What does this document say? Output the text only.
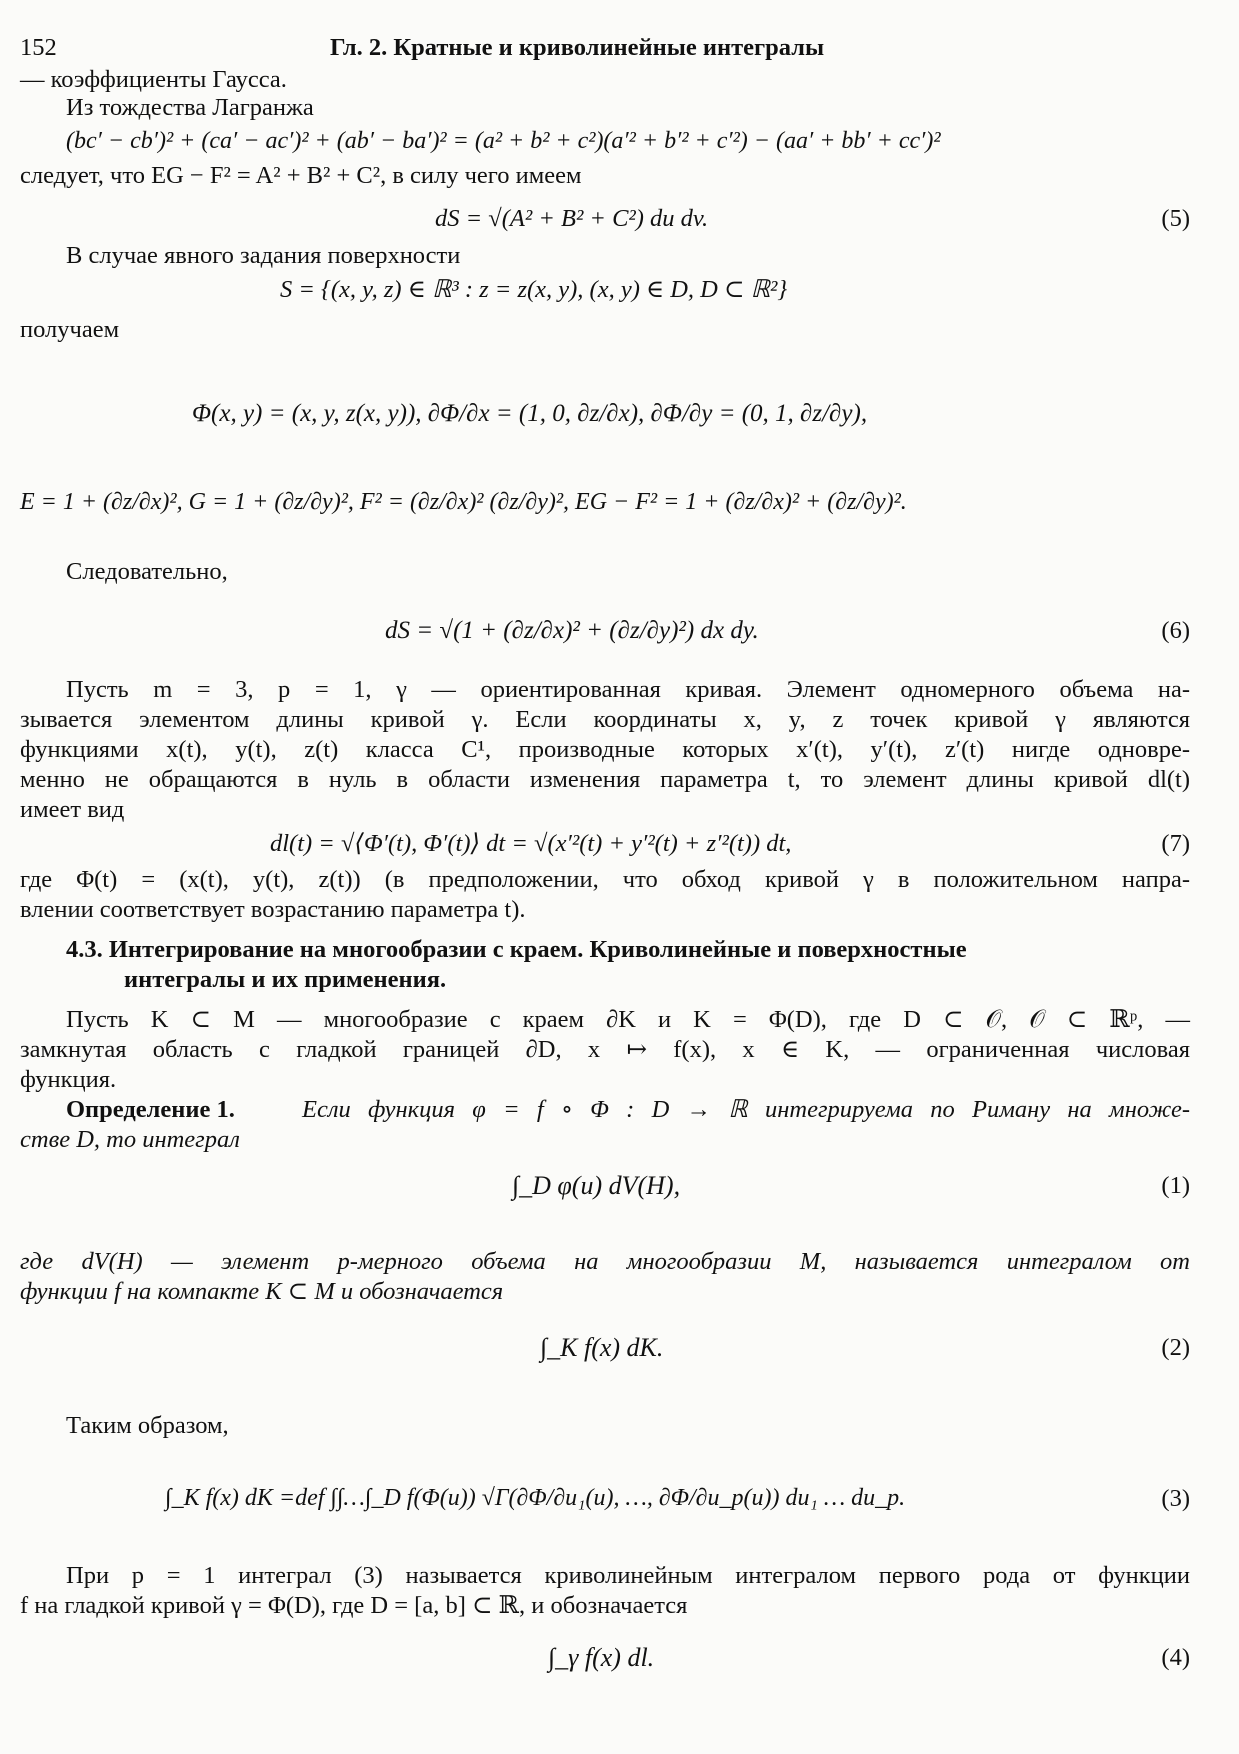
152	Гл. 2. Кратные и криволинейные интегралы
— коэффициенты Гаусса.
Из тождества Лагранжа
(bc′ − cb′)² + (ca′ − ac′)² + (ab′ − ba′)² = (a² + b² + c²)(a′² + b′² + c′²) − (aa′ + bb′ + cc′)²
следует, что EG − F² = A² + B² + C², в силу чего имеем
dS = √(A² + B² + C²) du dv.	(5)
В случае явного задания поверхности
S = {(x, y, z) ∈ ℝ³ : z = z(x, y), (x, y) ∈ D, D ⊂ ℝ²}
получаем
Φ(x, y) = (x, y, z(x, y)), ∂Φ/∂x = (1, 0, ∂z/∂x), ∂Φ/∂y = (0, 1, ∂z/∂y),
E = 1 + (∂z/∂x)², G = 1 + (∂z/∂y)², F² = (∂z/∂x)² (∂z/∂y)², EG − F² = 1 + (∂z/∂x)² + (∂z/∂y)².
Следовательно,
dS = √(1 + (∂z/∂x)² + (∂z/∂y)²) dx dy.	(6)
Пусть m = 3, p = 1, γ — ориентированная кривая. Элемент одномерного объема на-
зывается элементом длины кривой γ. Если координаты x, y, z точек кривой γ являются
функциями x(t), y(t), z(t) класса C¹, производные которых x′(t), y′(t), z′(t) нигде одновре-
менно не обращаются в нуль в области изменения параметра t, то элемент длины кривой dl(t)
имеет вид
dl(t) = √⟨Φ′(t), Φ′(t)⟩ dt = √(x′²(t) + y′²(t) + z′²(t)) dt,	(7)
где Φ(t) = (x(t), y(t), z(t)) (в предположении, что обход кривой γ в положительном напра-
влении соответствует возрастанию параметра t).
4.3. Интегрирование на многообразии с краем. Криволинейные и поверхностные
интегралы и их применения.
Пусть K ⊂ M — многообразие с краем ∂K и K = Φ(D), где D ⊂ 𝒪, 𝒪 ⊂ ℝᵖ, —
замкнутая область с гладкой границей ∂D, x ↦ f(x), x ∈ K, — ограниченная числовая
функция.
Определение 1.	Если функция φ = f ∘ Φ : D → ℝ интегрируема по Риману на множе-
стве D, то интеграл
∫_D φ(u) dV(H),	(1)
где dV(H) — элемент p-мерного объема на многообразии M, называется интегралом от
функции f на компакте K ⊂ M и обозначается
∫_K f(x) dK.	(2)
Таким образом,
∫_K f(x) dK =def ∫∫…∫_D f(Φ(u)) √Γ(∂Φ/∂u₁(u), …, ∂Φ/∂u_p(u)) du₁ … du_p.	(3)
При p = 1 интеграл (3) называется криволинейным интегралом первого рода от функции
f на гладкой кривой γ = Φ(D), где D = [a, b] ⊂ ℝ, и обозначается
∫_γ f(x) dl.	(4)
